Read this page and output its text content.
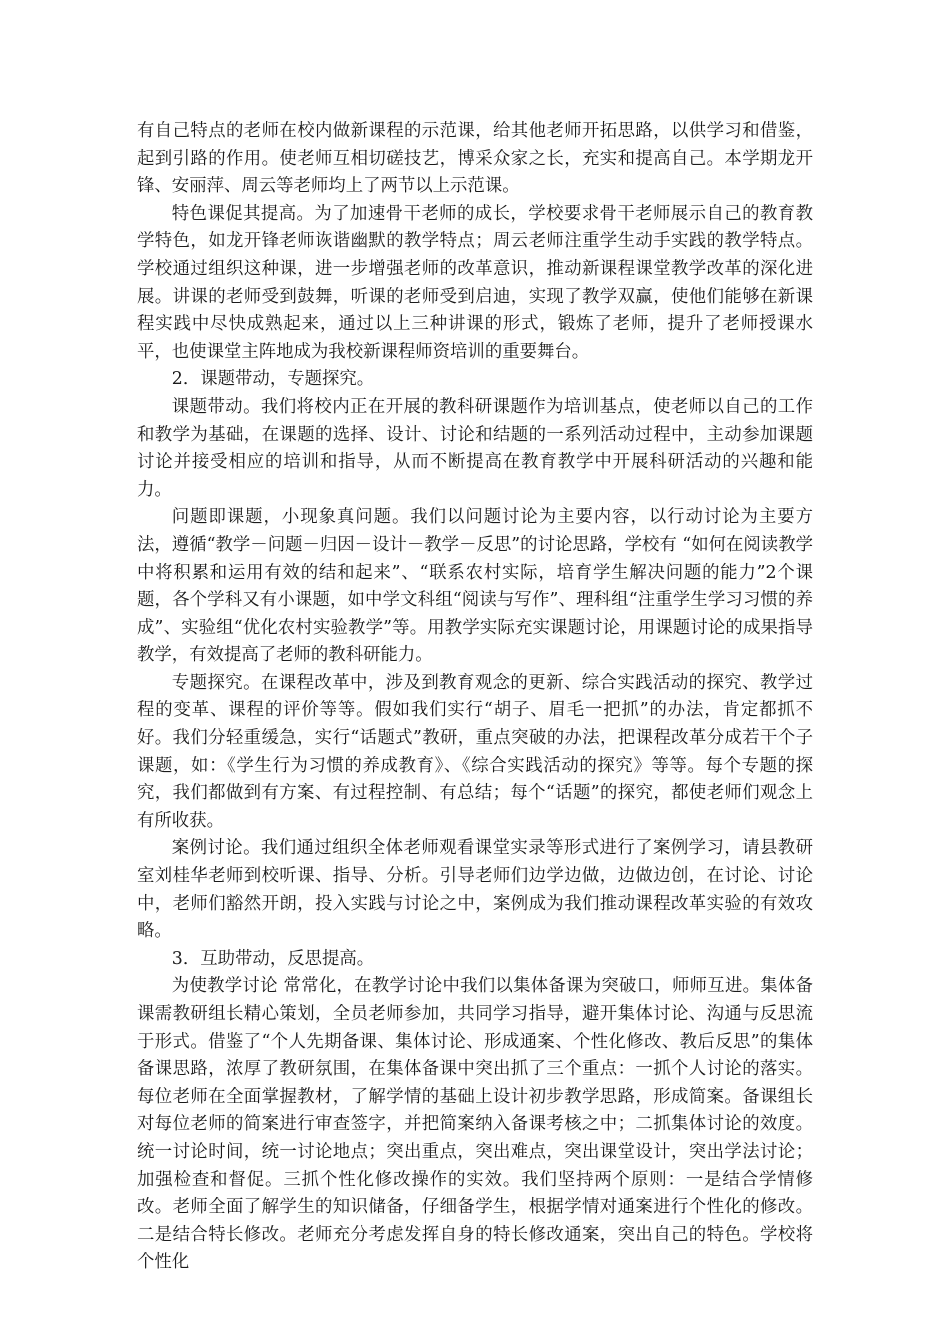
有自己特点的老师在校内做新课程的示范课，给其他老师开拓思路，以供学习和借鉴，起到引路的作用。使老师互相切磋技艺，博采众家之长，充实和提高自己。本学期龙开锋、安丽萍、周云等老师均上了两节以上示范课。

特色课促其提高。为了加速骨干老师的成长，学校要求骨干老师展示自己的教育教学特色，如龙开锋老师诙谐幽默的教学特点；周云老师注重学生动手实践的教学特点。学校通过组织这种课，进一步增强老师的改革意识，推动新课程课堂教学改革的深化进展。讲课的老师受到鼓舞，听课的老师受到启迪，实现了教学双赢，使他们能够在新课程实践中尽快成熟起来，通过以上三种讲课的形式，锻炼了老师，提升了老师授课水平，也使课堂主阵地成为我校新课程师资培训的重要舞台。

2．课题带动，专题探究。

课题带动。我们将校内正在开展的教科研课题作为培训基点，使老师以自己的工作和教学为基础，在课题的选择、设计、讨论和结题的一系列活动过程中，主动参加课题讨论并接受相应的培训和指导，从而不断提高在教育教学中开展科研活动的兴趣和能力。

问题即课题，小现象真问题。我们以问题讨论为主要内容，以行动讨论为主要方法，遵循“教学－问题－归因－设计－教学－反思”的讨论思路，学校有 “如何在阅读教学中将积累和运用有效的结和起来”、“联系农村实际，培育学生解决问题的能力”2个课题，各个学科又有小课题，如中学文科组“阅读与写作”、理科组“注重学生学习习惯的养成”、实验组“优化农村实验教学”等。用教学实际充实课题讨论，用课题讨论的成果指导教学，有效提高了老师的教科研能力。

专题探究。在课程改革中，涉及到教育观念的更新、综合实践活动的探究、教学过程的变革、课程的评价等等。假如我们实行“胡子、眉毛一把抓”的办法，肯定都抓不好。我们分轻重缓急，实行“话题式”教研，重点突破的办法，把课程改革分成若干个子课题，如：《学生行为习惯的养成教育》、《综合实践活动的探究》等等。每个专题的探究，我们都做到有方案、有过程控制、有总结；每个“话题”的探究，都使老师们观念上有所收获。

案例讨论。我们通过组织全体老师观看课堂实录等形式进行了案例学习，请县教研室刘桂华老师到校听课、指导、分析。引导老师们边学边做，边做边创，在讨论、讨论中，老师们豁然开朗，投入实践与讨论之中，案例成为我们推动课程改革实验的有效攻略。

3．互助带动，反思提高。

为使教学讨论 常常化，在教学讨论中我们以集体备课为突破口，师师互进。集体备课需教研组长精心策划，全员老师参加，共同学习指导，避开集体讨论、沟通与反思流于形式。借鉴了“个人先期备课、集体讨论、形成通案、个性化修改、教后反思”的集体备课思路，浓厚了教研氛围，在集体备课中突出抓了三个重点：一抓个人讨论的落实。每位老师在全面掌握教材，了解学情的基础上设计初步教学思路，形成简案。备课组长对每位老师的简案进行审查签字，并把简案纳入备课考核之中；二抓集体讨论的效度。统一讨论时间，统一讨论地点；突出重点，突出难点，突出课堂设计，突出学法讨论；加强检查和督促。三抓个性化修改操作的实效。我们坚持两个原则：一是结合学情修改。老师全面了解学生的知识储备，仔细备学生，根据学情对通案进行个性化的修改。二是结合特长修改。老师充分考虑发挥自身的特长修改通案，突出自己的特色。学校将个性化
